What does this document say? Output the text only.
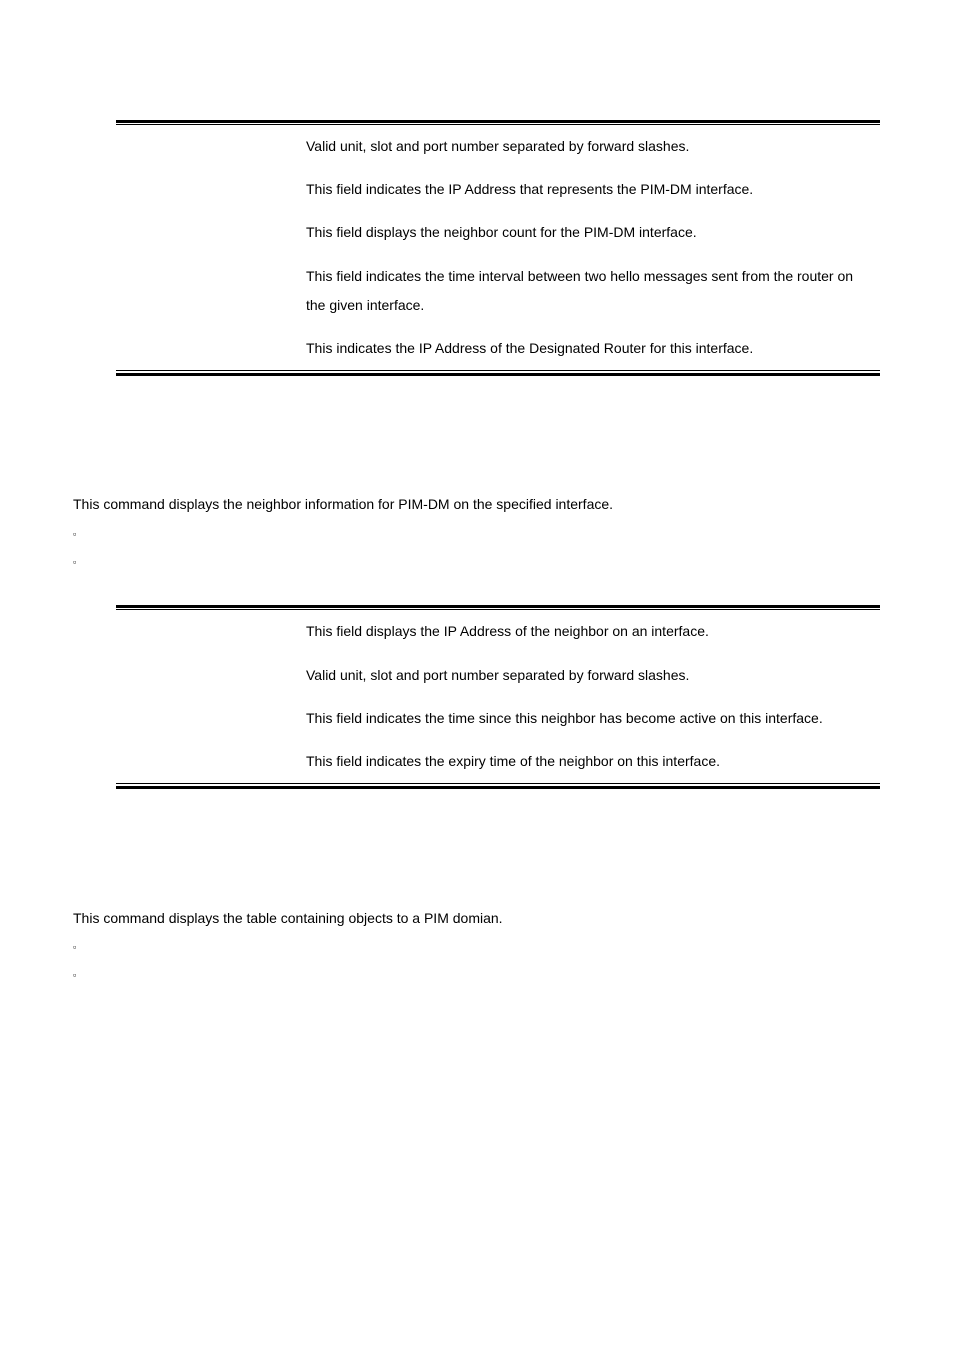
Valid unit, slot and port number separated by forward slashes.
This field indicates the IP Address that represents the PIM-DM interface.
This field displays the neighbor count for the PIM-DM interface.
This field indicates the time interval between two hello messages sent from the router on the given interface.
This indicates the IP Address of the Designated Router for this interface.
This command displays the neighbor information for PIM-DM on the specified interface.
▫
▫
This field displays the IP Address of the neighbor on an interface.
Valid unit, slot and port number separated by forward slashes.
This field indicates the time since this neighbor has become active on this interface.
This field indicates the expiry time of the neighbor on this interface.
This command displays the table containing objects to a PIM domian.
▫
▫
